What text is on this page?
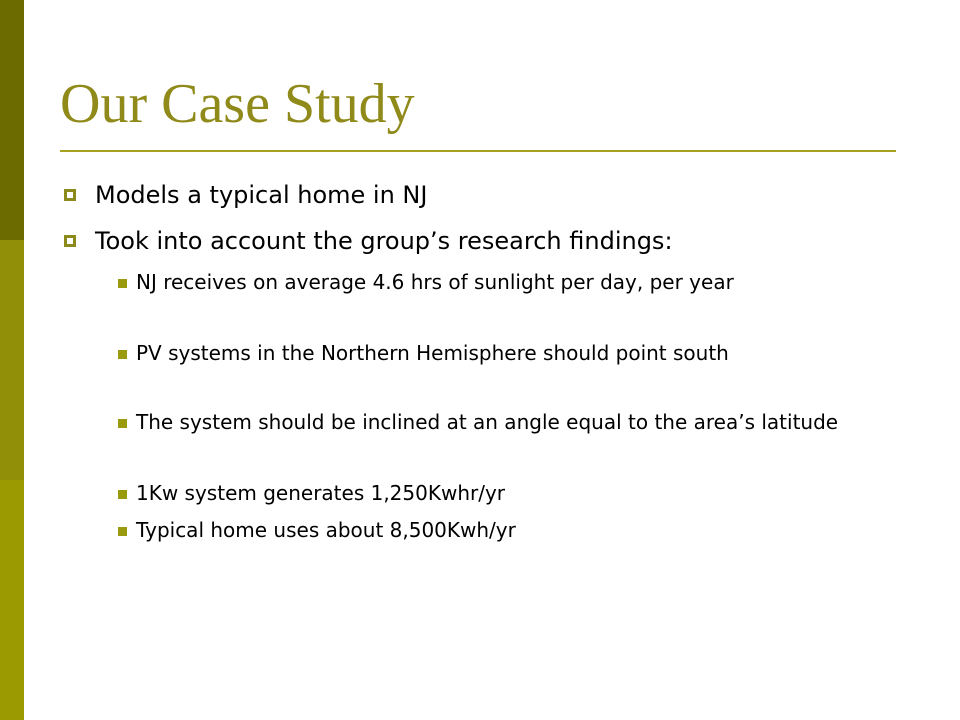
Our Case Study
Models a typical home in NJ
Took into account the group’s research findings:
NJ receives on average 4.6 hrs of sunlight per day, per year
PV systems in the Northern Hemisphere should point south
The system should be inclined at an angle equal to the area’s latitude
1Kw system generates 1,250Kwhr/yr
Typical home uses about 8,500Kwh/yr
